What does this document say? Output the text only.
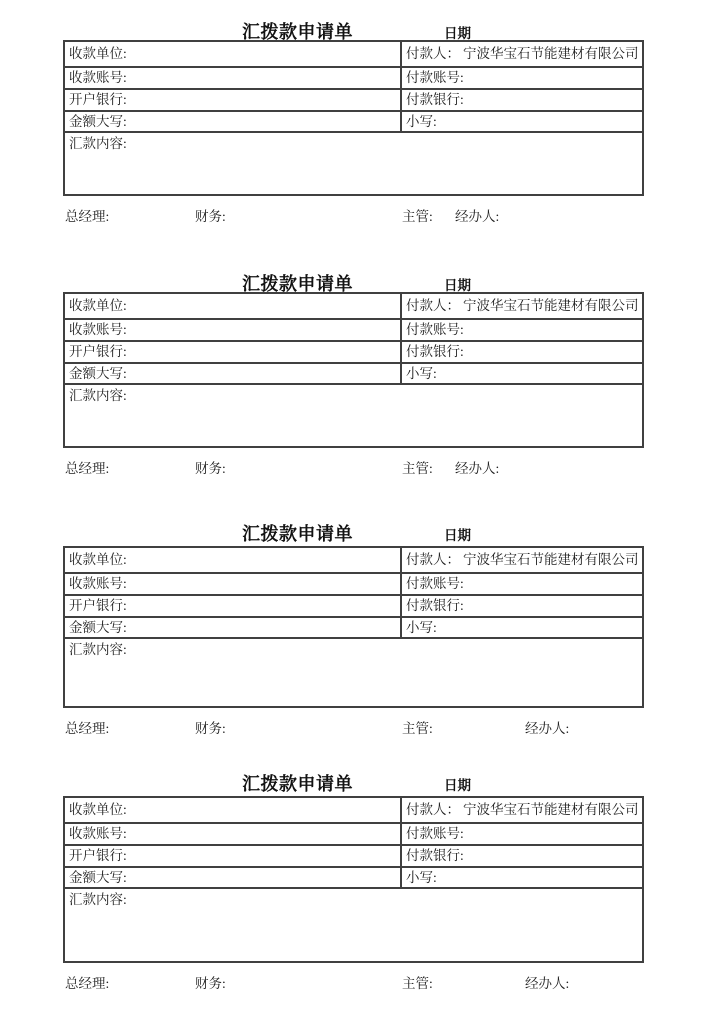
汇拨款申请单	日期
收款单位:	付款人： 宁波华宝石节能建材有限公司
收款账号:	付款账号:
开户银行:	付款银行:
金额大写:	小写:
汇款内容:	
总经理:	财务:	主管: 经办人:
汇拨款申请单	日期
收款单位:	付款人： 宁波华宝石节能建材有限公司
收款账号:	付款账号:
开户银行:	付款银行:
金额大写:	小写:
汇款内容:	
总经理:	财务:	主管: 经办人:
汇拨款申请单	日期
收款单位:	付款人： 宁波华宝石节能建材有限公司
收款账号:	付款账号:
开户银行:	付款银行:
金额大写:	小写:
汇款内容:	
总经理:	财务:	主管:	经办人:
汇拨款申请单	日期
收款单位:	付款人： 宁波华宝石节能建材有限公司
收款账号:	付款账号:
开户银行:	付款银行:
金额大写:	小写:
汇款内容:	
总经理:	财务:	主管:	经办人:
